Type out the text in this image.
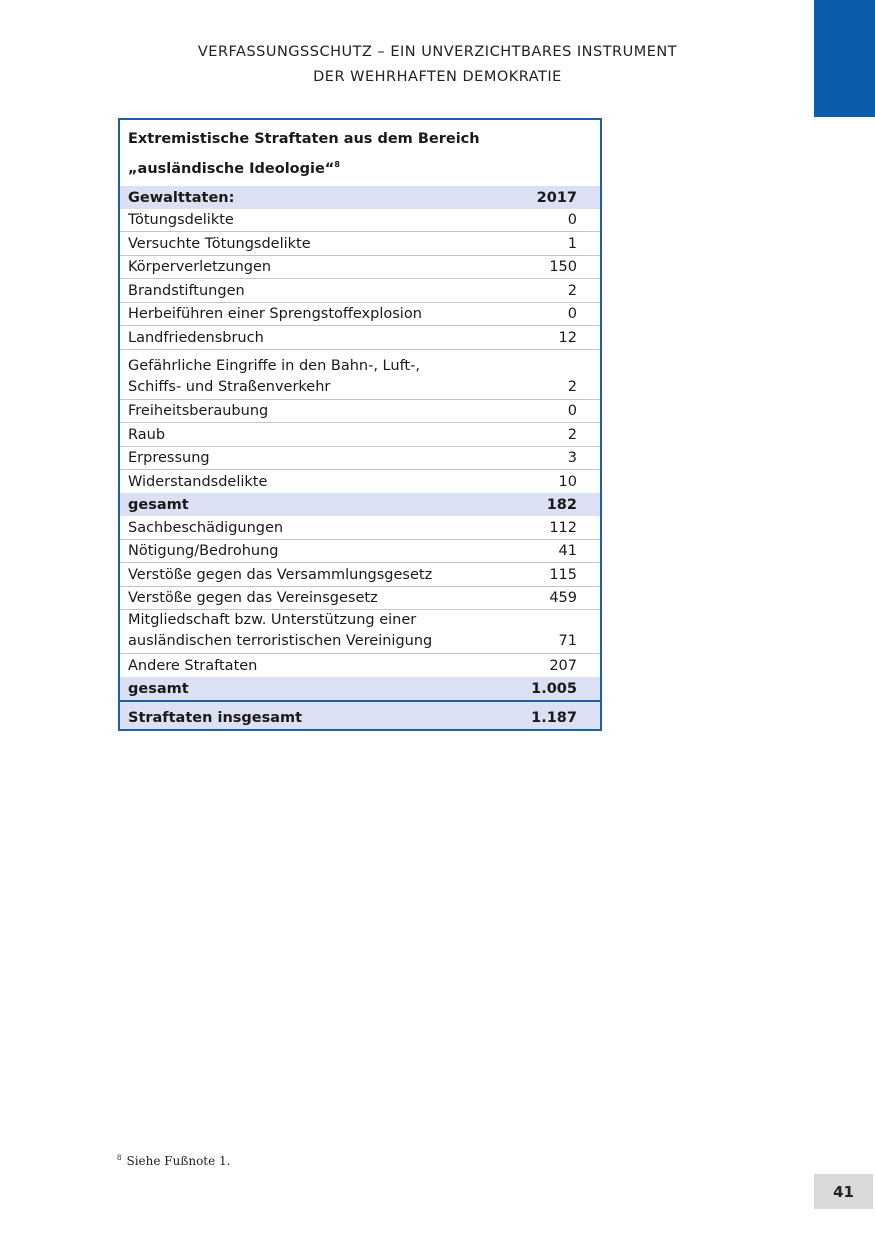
VERFASSUNGSSCHUTZ – EIN UNVERZICHTBARES INSTRUMENT
DER WEHRHAFTEN DEMOKRATIE
Extremistische Straftaten aus dem Bereich
„ausländische Ideologie“$^8$
Gewalttaten:	2017
Tötungsdelikte	0
Versuchte Tötungsdelikte	1
Körperverletzungen	150
Brandstiftungen	2
Herbeiführen einer Sprengstoffexplosion	0
Landfriedensbruch	12
Gefährliche Eingriffe in den Bahn-, Luft-,
Schiffs- und Straßenverkehr	2
Freiheitsberaubung	0
Raub	2
Erpressung	3
Widerstandsdelikte	10
gesamt	182
Sachbeschädigungen	112
Nötigung/Bedrohung	41
Verstöße gegen das Versammlungsgesetz	115
Verstöße gegen das Vereinsgesetz	459
Mitgliedschaft bzw. Unterstützung einer
ausländischen terroristischen Vereinigung	71
Andere Straftaten	207
gesamt	1.005
Straftaten insgesamt	1.187
$^8$ Siehe Fußnote 1.
41
